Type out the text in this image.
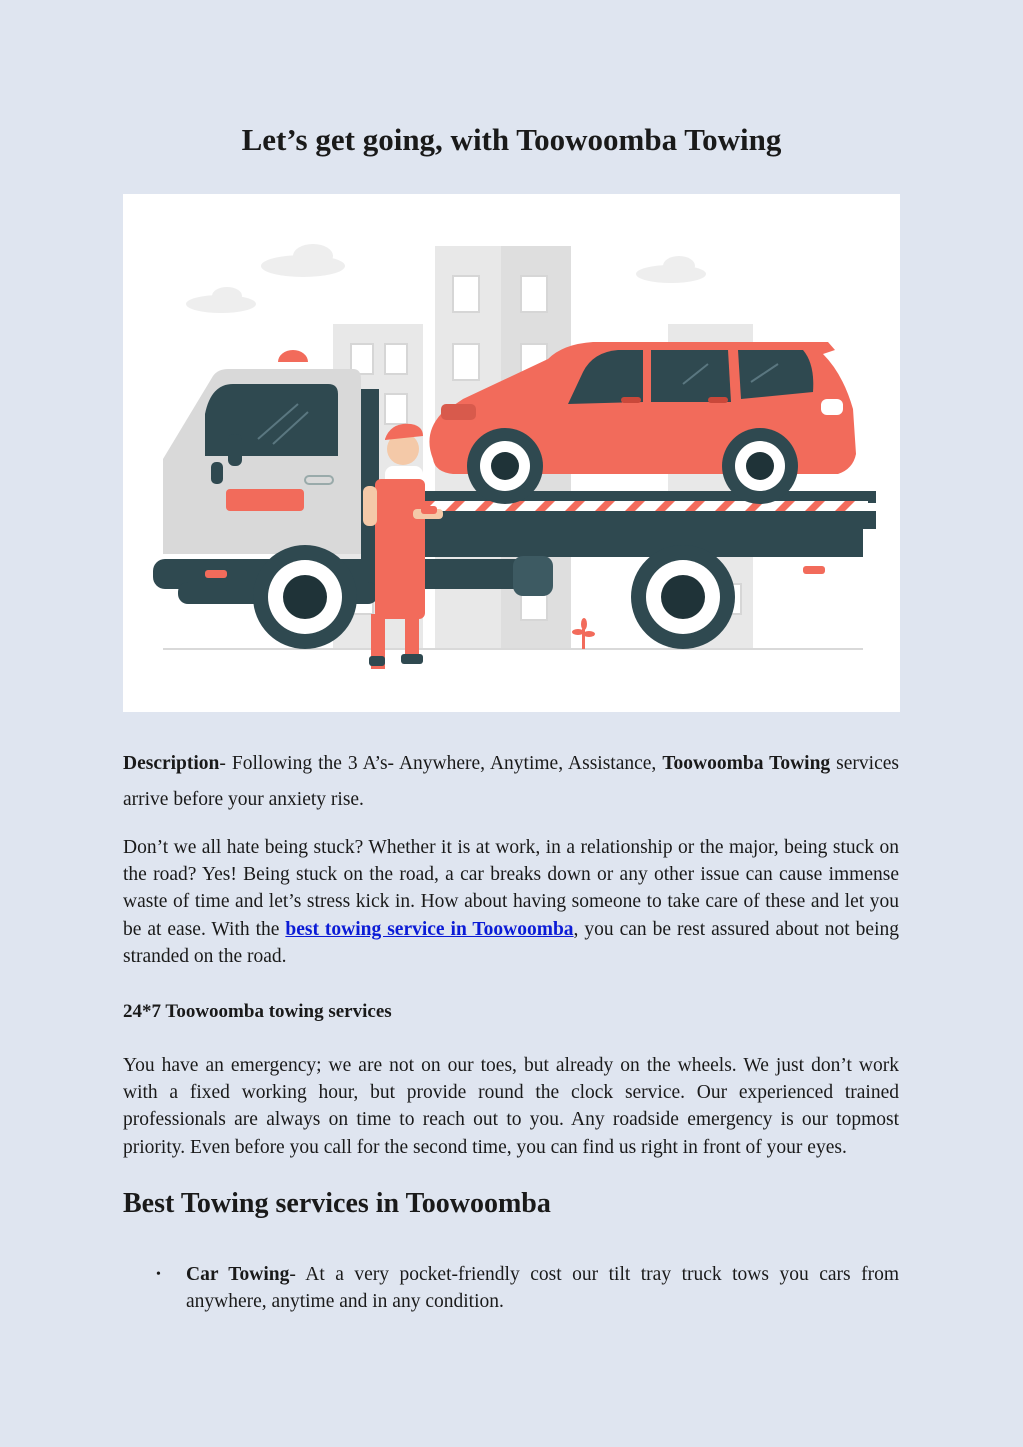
Let’s get going, with Toowoomba Towing

Description- Following the 3 A’s- Anywhere, Anytime, Assistance, Toowoomba Towing services arrive before your anxiety rise.

Don’t we all hate being stuck? Whether it is at work, in a relationship or the major, being stuck on the road? Yes! Being stuck on the road, a car breaks down or any other issue can cause immense waste of time and let’s stress kick in. How about having someone to take care of these and let you be at ease. With the best towing service in Toowoomba, you can be rest assured about not being stranded on the road.

24*7 Toowoomba towing services

You have an emergency; we are not on our toes, but already on the wheels. We just don’t work with a fixed working hour, but provide round the clock service. Our experienced trained professionals are always on time to reach out to you. Any roadside emergency is our topmost priority. Even before you call for the second time, you can find us right in front of your eyes.

Best Towing services in Toowoomba
• Car Towing- At a very pocket-friendly cost our tilt tray truck tows you cars from anywhere, anytime and in any condition.
